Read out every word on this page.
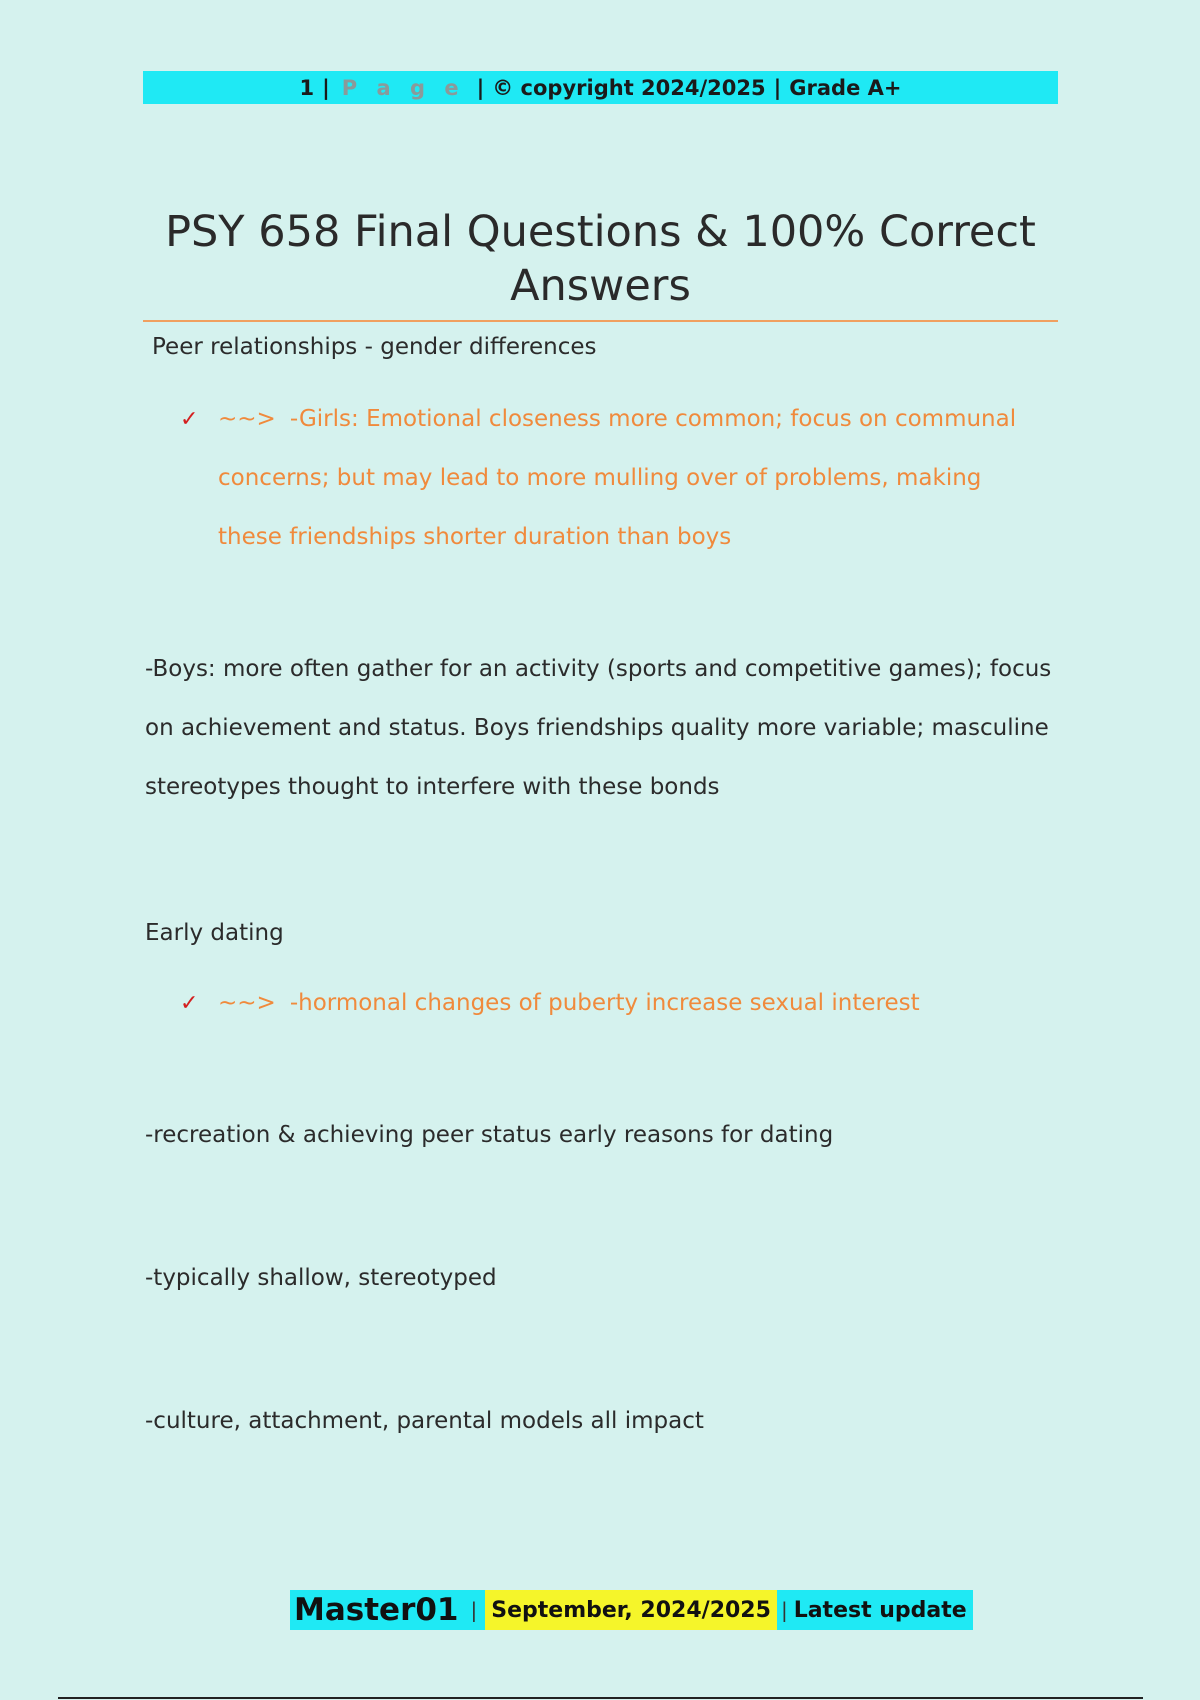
1 | P a g e | © copyright 2024/2025 | Grade A+
PSY 658 Final Questions & 100% Correct
Answers
Peer relationships - gender differences
✓ ~~> -Girls: Emotional closeness more common; focus on communal concerns; but may lead to more mulling over of problems, making these friendships shorter duration than boys
-Boys: more often gather for an activity (sports and competitive games); focus on achievement and status. Boys friendships quality more variable; masculine stereotypes thought to interfere with these bonds
Early dating
✓ ~~> -hormonal changes of puberty increase sexual interest
-recreation & achieving peer status early reasons for dating
-typically shallow, stereotyped
-culture, attachment, parental models all impact
Master01 | September, 2024/2025 | Latest update
